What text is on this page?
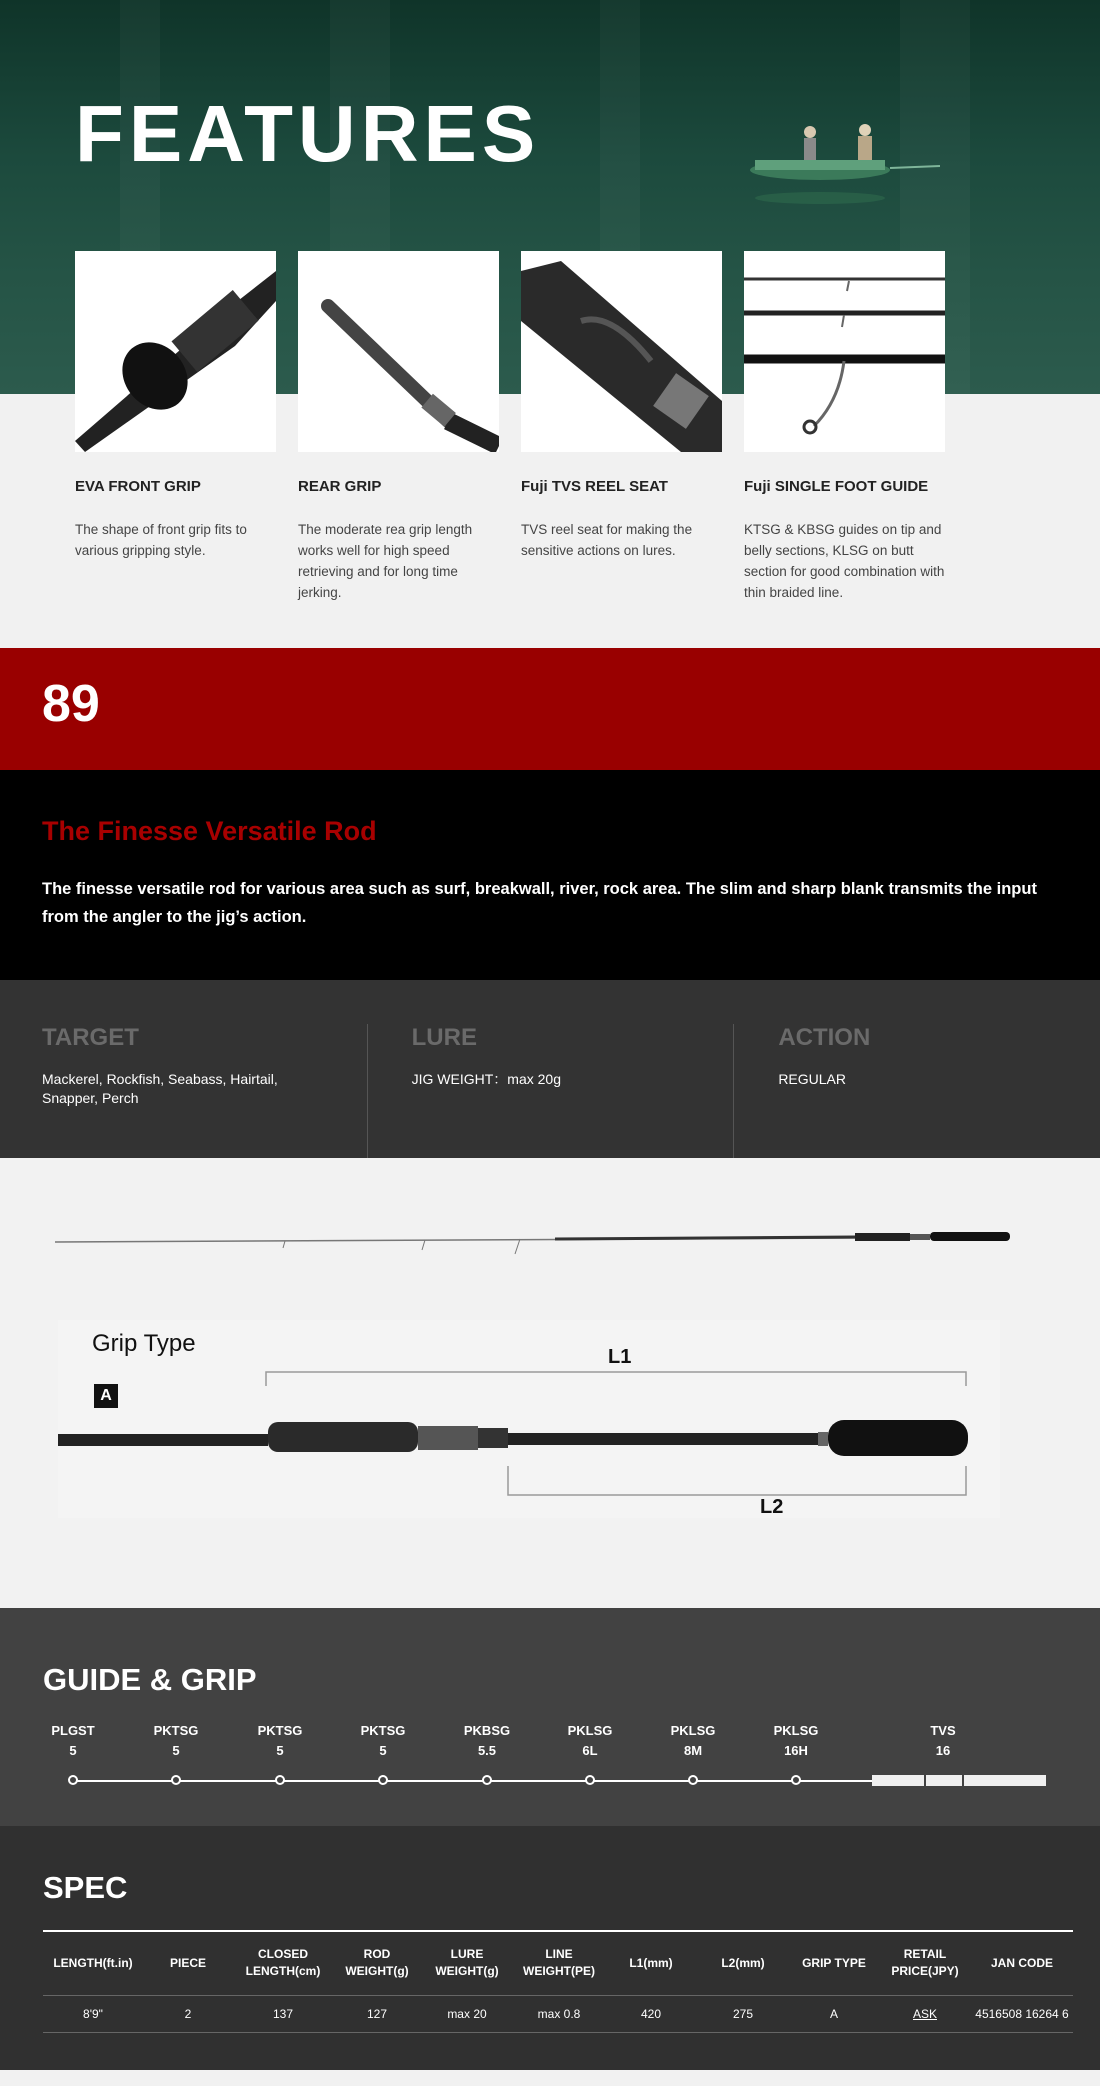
FEATURES
EVA FRONT GRIP
The shape of front grip fits to various gripping style.
REAR GRIP
The moderate rea grip length works well for high speed retrieving and for long time jerking.
Fuji TVS REEL SEAT
TVS reel seat for making the sensitive actions on lures.
Fuji SINGLE FOOT GUIDE
KTSG & KBSG guides on tip and belly sections, KLSG on butt section for good combination with thin braided line.
89
The Finesse Versatile Rod

The finesse versatile rod for various area such as surf, breakwall, river, rock area. The slim and sharp blank transmits the input from the angler to the jig’s action.

TARGET
Mackerel, Rockfish, Seabass, Hairtail, Snapper, Perch
LURE
JIG WEIGHT：max 20g
ACTION
REGULAR
Grip Type
A
L1
L2
GUIDE & GRIP
PLGST
5
PKTSG
5
PKTSG
5
PKTSG
5
PKBSG
5.5
PKLSG
6L
PKLSG
8M
PKLSG
16H
TVS
16
SPEC
LENGTH(ft.in)	PIECE	CLOSED LENGTH(cm)	ROD WEIGHT(g)	LURE WEIGHT(g)	LINE WEIGHT(PE)	L1(mm)	L2(mm)	GRIP TYPE	RETAIL PRICE(JPY)	JAN CODE
8'9"	2	137	127	max 20	max 0.8	420	275	A	ASK	4516508 16264 6
